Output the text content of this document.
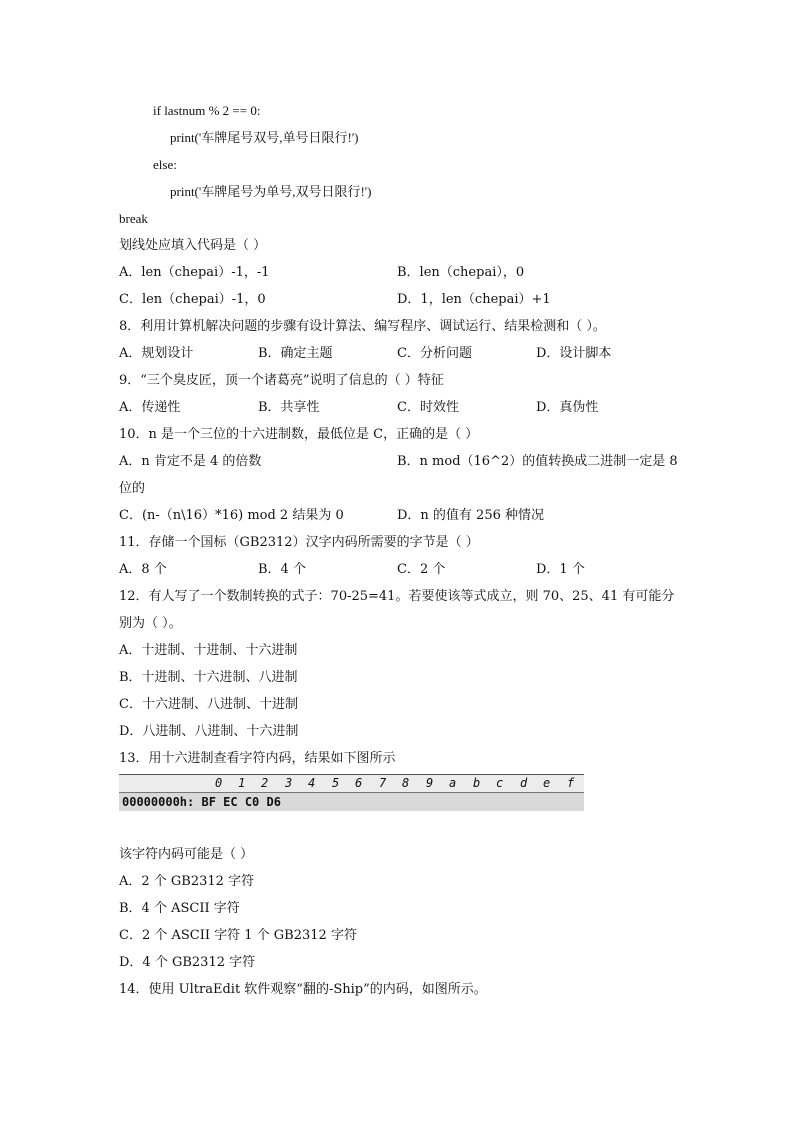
if lastnum % 2 == 0:
print('车牌尾号双号,单号日限行!')
else:
print('车牌尾号为单号,双号日限行!')
break
划线处应填入代码是（ ）
A．len（chepai）-1，-1	B．len（chepai），0
C．len（chepai）-1，0	D．1，len（chepai）+1
8．利用计算机解决问题的步骤有设计算法、编写程序、调试运行、结果检测和（ ）。
A．规划设计	B．确定主题	C．分析问题	D．设计脚本
9．“三个臭皮匠，顶一个诸葛亮”说明了信息的（ ）特征
A．传递性	B．共享性	C．时效性	D．真伪性
10．n 是一个三位的十六进制数，最低位是 C，正确的是（ ）
A．n 肯定不是 4 的倍数	B．n mod（16^2）的值转换成二进制一定是 8
位的
C．(n-（n\16）*16) mod 2 结果为 0	D．n 的值有 256 种情况
11．存储一个国标（GB2312）汉字内码所需要的字节是（ ）
A．8 个	B．4 个	C．2 个	D．1 个
12．有人写了一个数制转换的式子：70-25=41。若要使该等式成立，则 70、25、41 有可能分别为（ ）。
A．十进制、十进制、十六进制
B．十进制、十六进制、八进制
C．十六进制、八进制、十进制
D．八进制、八进制、十六进制
13．用十六进制查看字符内码，结果如下图所示
0 1 2 3 4 5 6 7 8 9 a b c d e f
00000000h: BF EC C0 D6
该字符内码可能是（ ）
A．2 个 GB2312 字符
B．4 个 ASCII 字符
C．2 个 ASCII 字符 1 个 GB2312 字符
D．4 个 GB2312 字符
14．使用 UltraEdit 软件观察“翻的-Ship”的内码，如图所示。
